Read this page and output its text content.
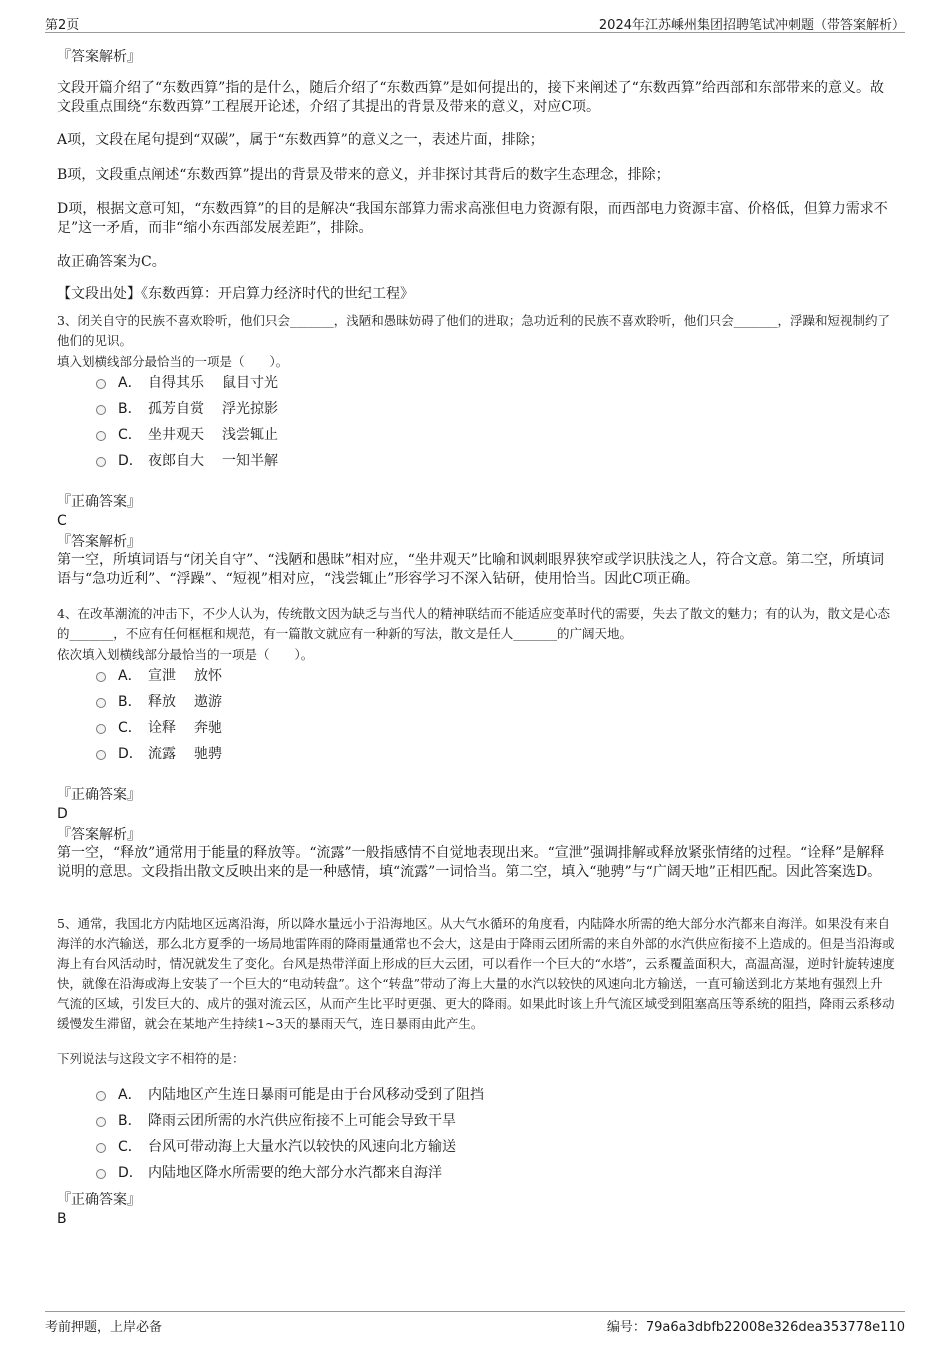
第2页	2024年江苏嵊州集团招聘笔试冲刺题（带答案解析）

『答案解析』

文段开篇介绍了“东数西算”指的是什么，随后介绍了“东数西算”是如何提出的，接下来阐述了“东数西算”给西部和东部带来的意义。故文段重点围绕“东数西算”工程展开论述，介绍了其提出的背景及带来的意义，对应C项。

A项，文段在尾句提到“双碳”，属于“东数西算”的意义之一，表述片面，排除；

B项，文段重点阐述“东数西算”提出的背景及带来的意义，并非探讨其背后的数字生态理念，排除；

D项，根据文意可知，“东数西算”的目的是解决“我国东部算力需求高涨但电力资源有限，而西部电力资源丰富、价格低，但算力需求不足”这一矛盾，而非“缩小东西部发展差距”，排除。

故正确答案为C。

【文段出处】《东数西算：开启算力经济时代的世纪工程》

3、闭关自守的民族不喜欢聆听，他们只会_______，浅陋和愚昧妨碍了他们的进取；急功近利的民族不喜欢聆听，他们只会_______，浮躁和短视制约了他们的见识。

填入划横线部分最恰当的一项是（　　）。

A． 自得其乐 鼠目寸光
B． 孤芳自赏 浮光掠影
C． 坐井观天 浅尝辄止
D． 夜郎自大 一知半解

『正确答案』

C

『答案解析』

第一空，所填词语与“闭关自守”、“浅陋和愚昧”相对应，“坐井观天”比喻和讽刺眼界狭窄或学识肤浅之人，符合文意。第二空，所填词语与“急功近利”、“浮躁”、“短视”相对应，“浅尝辄止”形容学习不深入钻研，使用恰当。因此C项正确。

4、在改革潮流的冲击下，不少人认为，传统散文因为缺乏与当代人的精神联结而不能适应变革时代的需要，失去了散文的魅力；有的认为，散文是心态的_______，不应有任何框框和规范，有一篇散文就应有一种新的写法，散文是任人_______的广阔天地。

依次填入划横线部分最恰当的一项是（　　）。

A． 宣泄 放怀
B． 释放 遨游
C． 诠释 奔驰
D． 流露 驰骋

『正确答案』

D

『答案解析』

第一空，“释放”通常用于能量的释放等。“流露”一般指感情不自觉地表现出来。“宣泄”强调排解或释放紧张情绪的过程。“诠释”是解释说明的意思。文段指出散文反映出来的是一种感情，填“流露”一词恰当。第二空，填入“驰骋”与“广阔天地”正相匹配。因此答案选D。

5、通常，我国北方内陆地区远离沿海，所以降水量远小于沿海地区。从大气水循环的角度看，内陆降水所需的绝大部分水汽都来自海洋。如果没有来自海洋的水汽输送，那么北方夏季的一场局地雷阵雨的降雨量通常也不会大，这是由于降雨云团所需的来自外部的水汽供应衔接不上造成的。但是当沿海或海上有台风活动时，情况就发生了变化。台风是热带洋面上形成的巨大云团，可以看作一个巨大的“水塔”，云系覆盖面积大，高温高湿，逆时针旋转速度快，就像在沿海或海上安装了一个巨大的“电动转盘”。这个“转盘”带动了海上大量的水汽以较快的风速向北方输送，一直可输送到北方某地有强烈上升气流的区域，引发巨大的、成片的强对流云区，从而产生比平时更强、更大的降雨。如果此时该上升气流区域受到阻塞高压等系统的阻挡，降雨云系移动缓慢发生滞留，就会在某地产生持续1~3天的暴雨天气，连日暴雨由此产生。

下列说法与这段文字不相符的是：

A． 内陆地区产生连日暴雨可能是由于台风移动受到了阻挡
B． 降雨云团所需的水汽供应衔接不上可能会导致干旱
C． 台风可带动海上大量水汽以较快的风速向北方输送
D． 内陆地区降水所需要的绝大部分水汽都来自海洋

『正确答案』

B

考前押题，上岸必备	编号：79a6a3dbfb22008e326dea353778e110
